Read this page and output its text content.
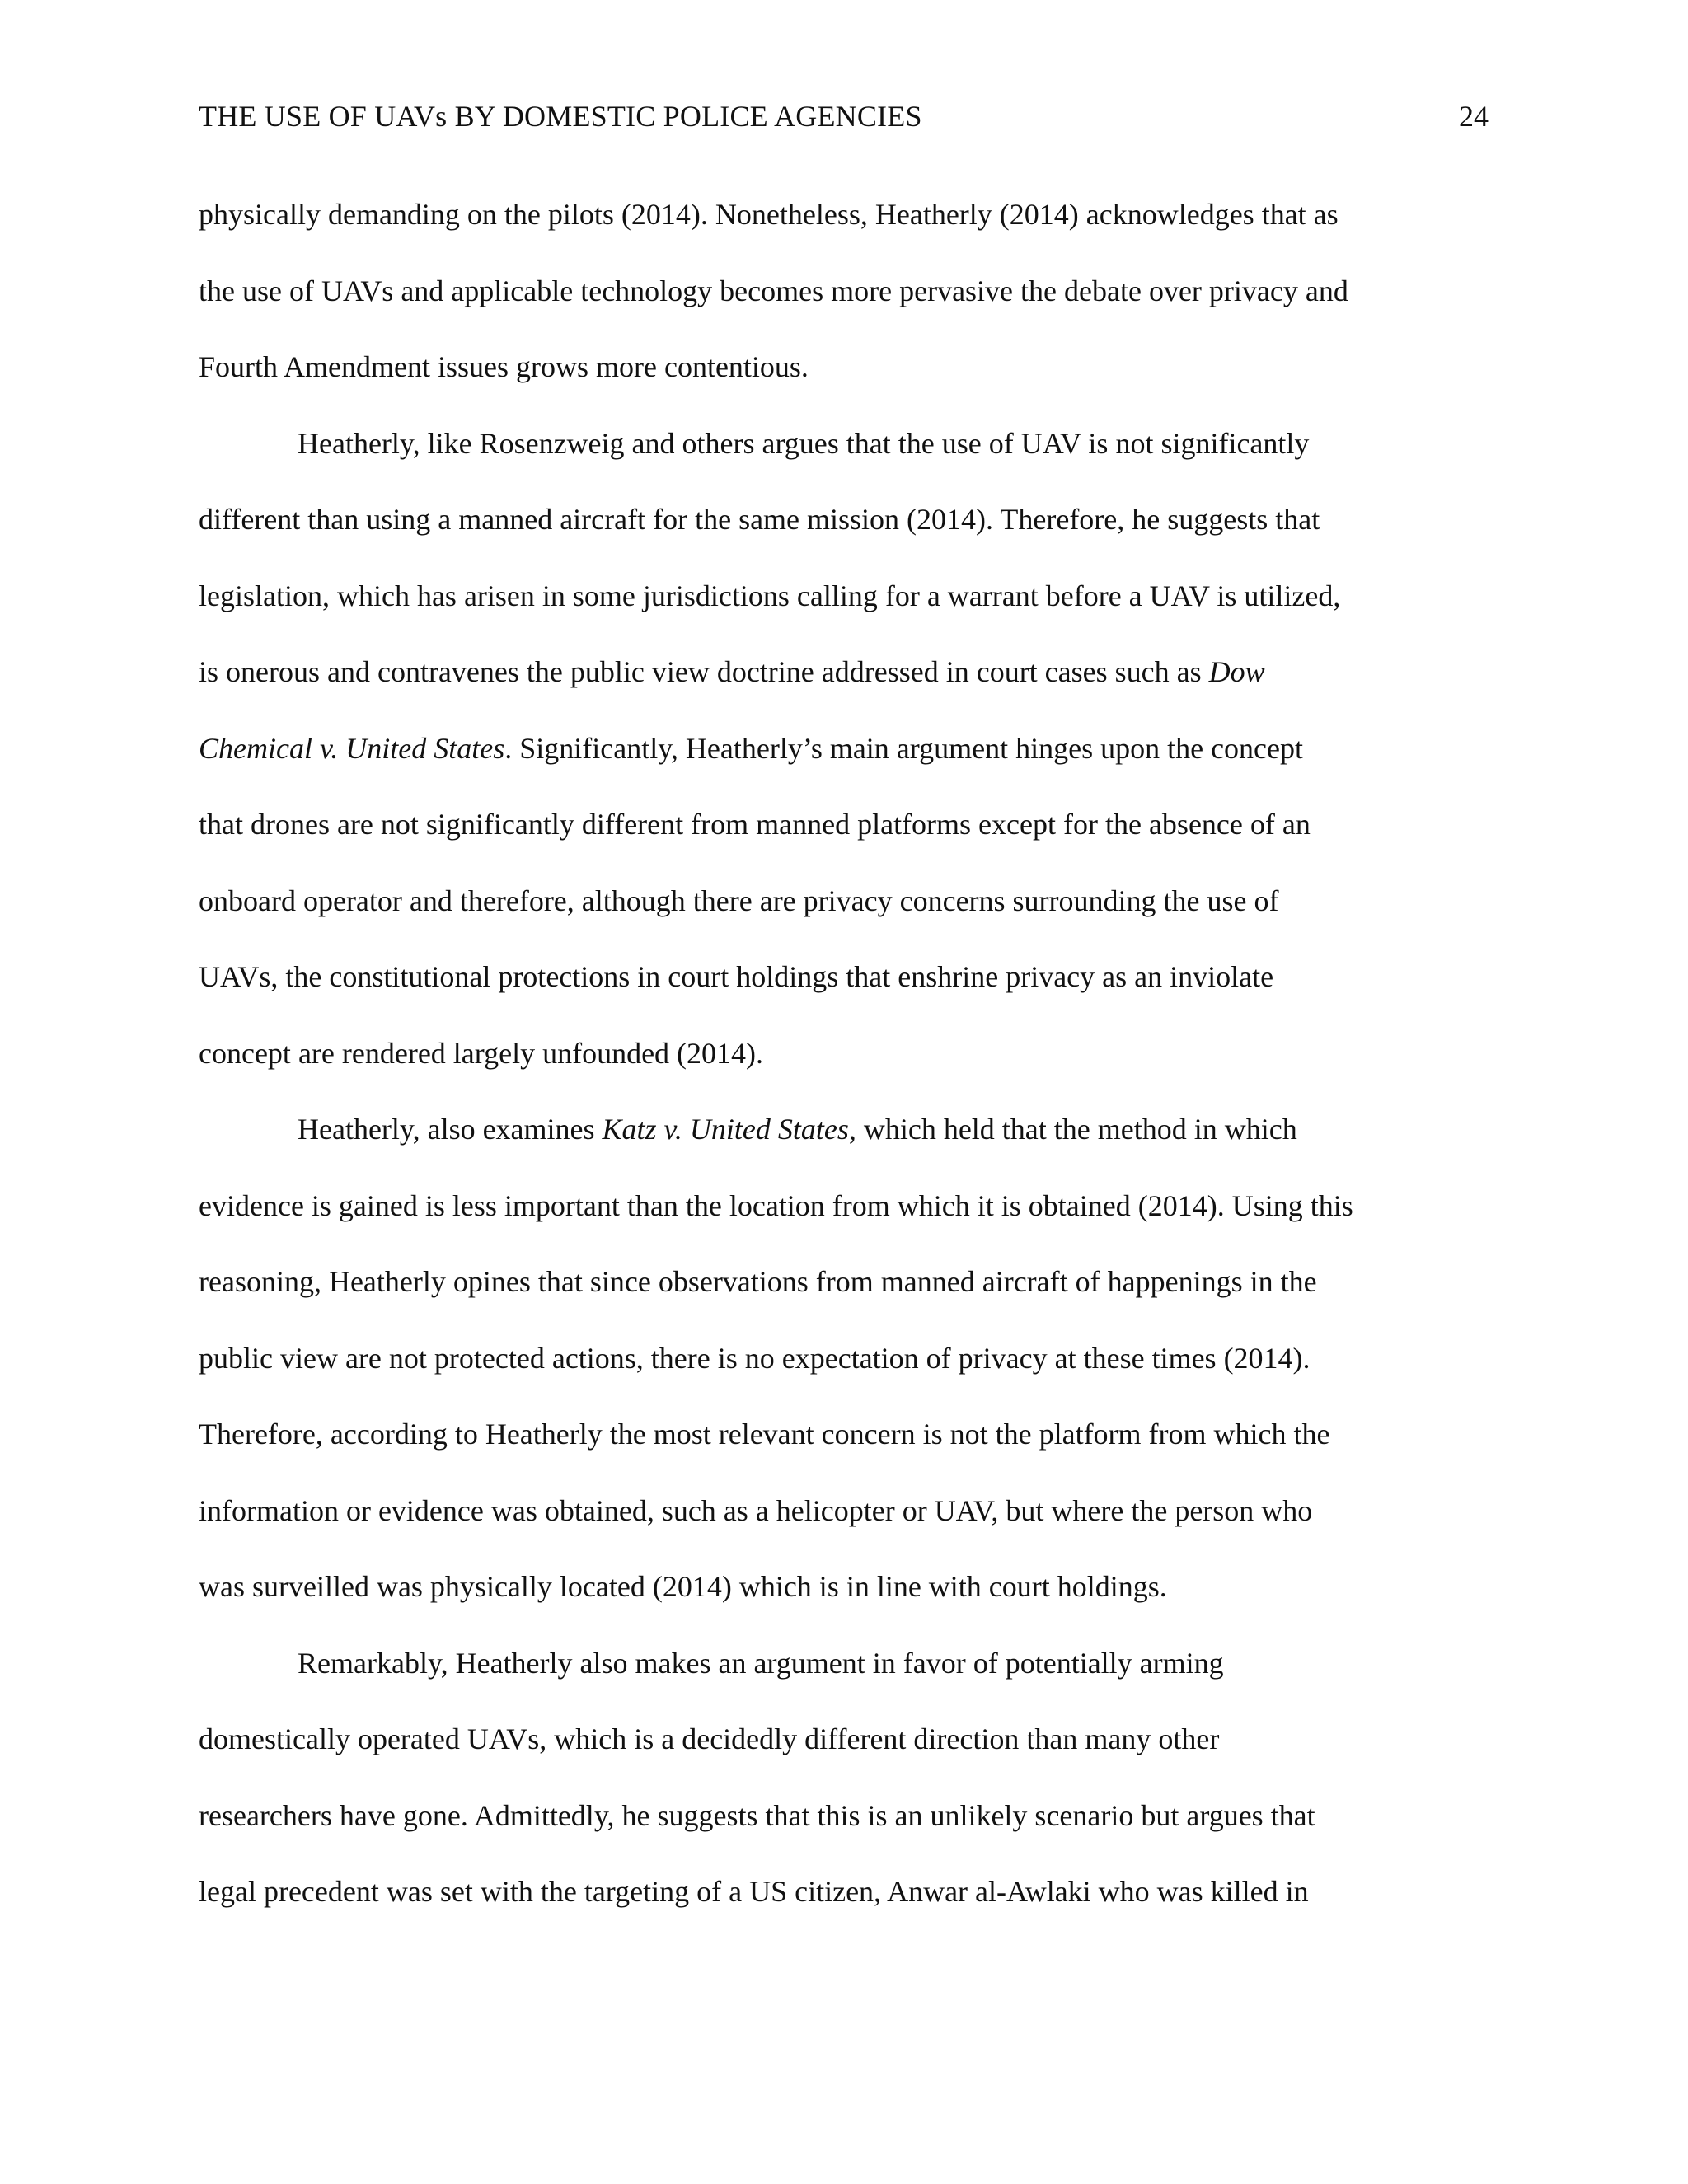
THE USE OF UAVs BY DOMESTIC POLICE AGENCIES	24
physically demanding on the pilots (2014). Nonetheless, Heatherly (2014) acknowledges that as
the use of UAVs and applicable technology becomes more pervasive the debate over privacy and
Fourth Amendment issues grows more contentious.
Heatherly, like Rosenzweig and others argues that the use of UAV is not significantly
different than using a manned aircraft for the same mission (2014). Therefore, he suggests that
legislation, which has arisen in some jurisdictions calling for a warrant before a UAV is utilized,
is onerous and contravenes the public view doctrine addressed in court cases such as Dow
Chemical v. United States. Significantly, Heatherly’s main argument hinges upon the concept
that drones are not significantly different from manned platforms except for the absence of an
onboard operator and therefore, although there are privacy concerns surrounding the use of
UAVs, the constitutional protections in court holdings that enshrine privacy as an inviolate
concept are rendered largely unfounded (2014).
Heatherly, also examines Katz v. United States, which held that the method in which
evidence is gained is less important than the location from which it is obtained (2014). Using this
reasoning, Heatherly opines that since observations from manned aircraft of happenings in the
public view are not protected actions, there is no expectation of privacy at these times (2014).
Therefore, according to Heatherly the most relevant concern is not the platform from which the
information or evidence was obtained, such as a helicopter or UAV, but where the person who
was surveilled was physically located (2014) which is in line with court holdings.
Remarkably, Heatherly also makes an argument in favor of potentially arming
domestically operated UAVs, which is a decidedly different direction than many other
researchers have gone. Admittedly, he suggests that this is an unlikely scenario but argues that
legal precedent was set with the targeting of a US citizen, Anwar al-Awlaki who was killed in
